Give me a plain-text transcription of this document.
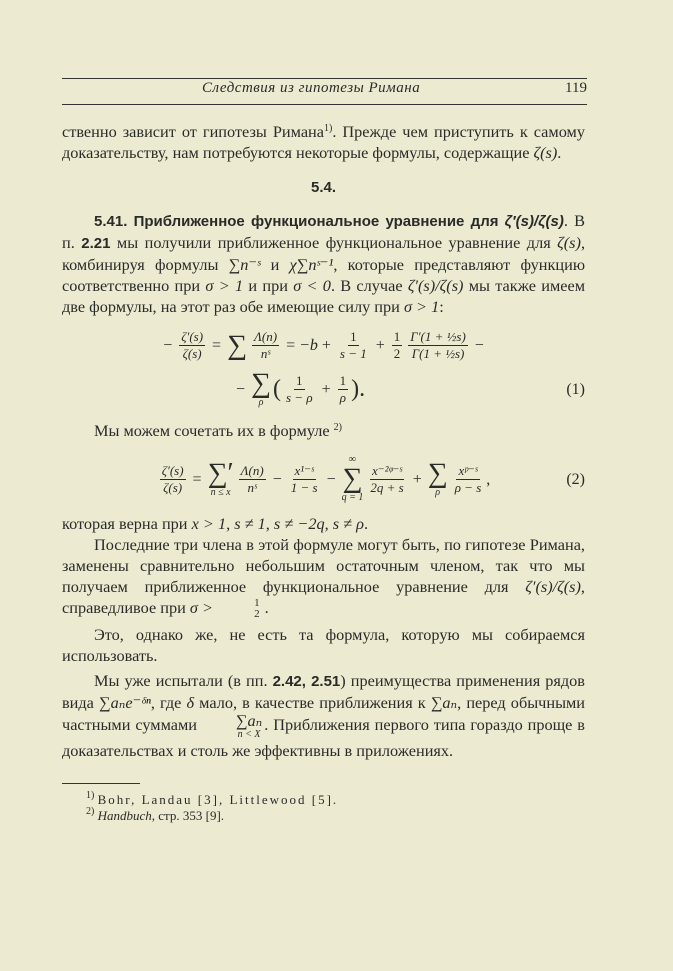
Следствия из гипотезы Римана	119

ственно зависит от гипотезы Римана$^{1)}$. Прежде чем приступить к самому доказательству, нам потребуются некоторые формулы, содержащие ζ(s).

5.4.

5.41. Приближенное функциональное уравнение для ζ′(s)/ζ(s). В п. 2.21 мы получили приближенное функциональное уравнение для ζ(s), комбинируя формулы ∑n⁻ˢ и χ∑nˢ⁻¹, которые представляют функцию соответственно при σ > 1 и при σ < 0. В случае ζ′(s)/ζ(s) мы также имеем две формулы, на этот раз обе имеющие силу при σ > 1:

− $\frac{\zeta'(s)}{\zeta(s)}$ = ∑ $\frac{\Lambda(n)}{\text{nˢ}} = -b + \frac{1}{s - 1} + \frac{1}{2} \frac{\text{Γ′(1 + ½s)}}{\text{Γ(1 + ½s)}}$ −
− ∑
ρ
( $\frac{1}{s - \rho} + \frac{1}{\rho}$ ).	(1)

Мы можем сочетать их в формуле $^{2)}$

$\frac{\zeta'(s)}{\zeta(s)}$ = ∑′
n ≤ x $\frac{\Lambda(n)}{\text{nˢ}} - \frac{\text{x¹⁻ˢ}}{1 - s}$ −
∞
∑
q = 1
$\frac{\text{x⁻²ᵠ⁻ˢ}}{2q + s}$ + ∑
ρ $\frac{\text{xᵖ⁻ˢ}}{\rho - s}$ ,	(2)

которая верна при x > 1, s ≠ 1, s ≠ −2q, s ≠ ρ.

Последние три члена в этой формуле могут быть, по гипотезе Римана, заменены сравнительно небольшим остаточным членом, так что мы получаем приближенное функциональное уравнение для ζ′(s)/ζ(s), справедливое при σ >	1
2 .

Это, однако же, не есть та формула, которую мы собираемся использовать.

Мы уже испытали (в пп. 2.42, 2.51) преимущества применения рядов вида ∑aₙe⁻ᵟⁿ, где δ мало, в качестве приближения к ∑aₙ, перед обычными частными суммами	∑aₙ
n < X . Приближения первого типа гораздо проще в доказательствах и столь же эффективны в приложениях.

$^{1)}$ Bohr, Landau [3], Littlewood [5].

$^{2)}$ Handbuch, стр. 353 [9].
